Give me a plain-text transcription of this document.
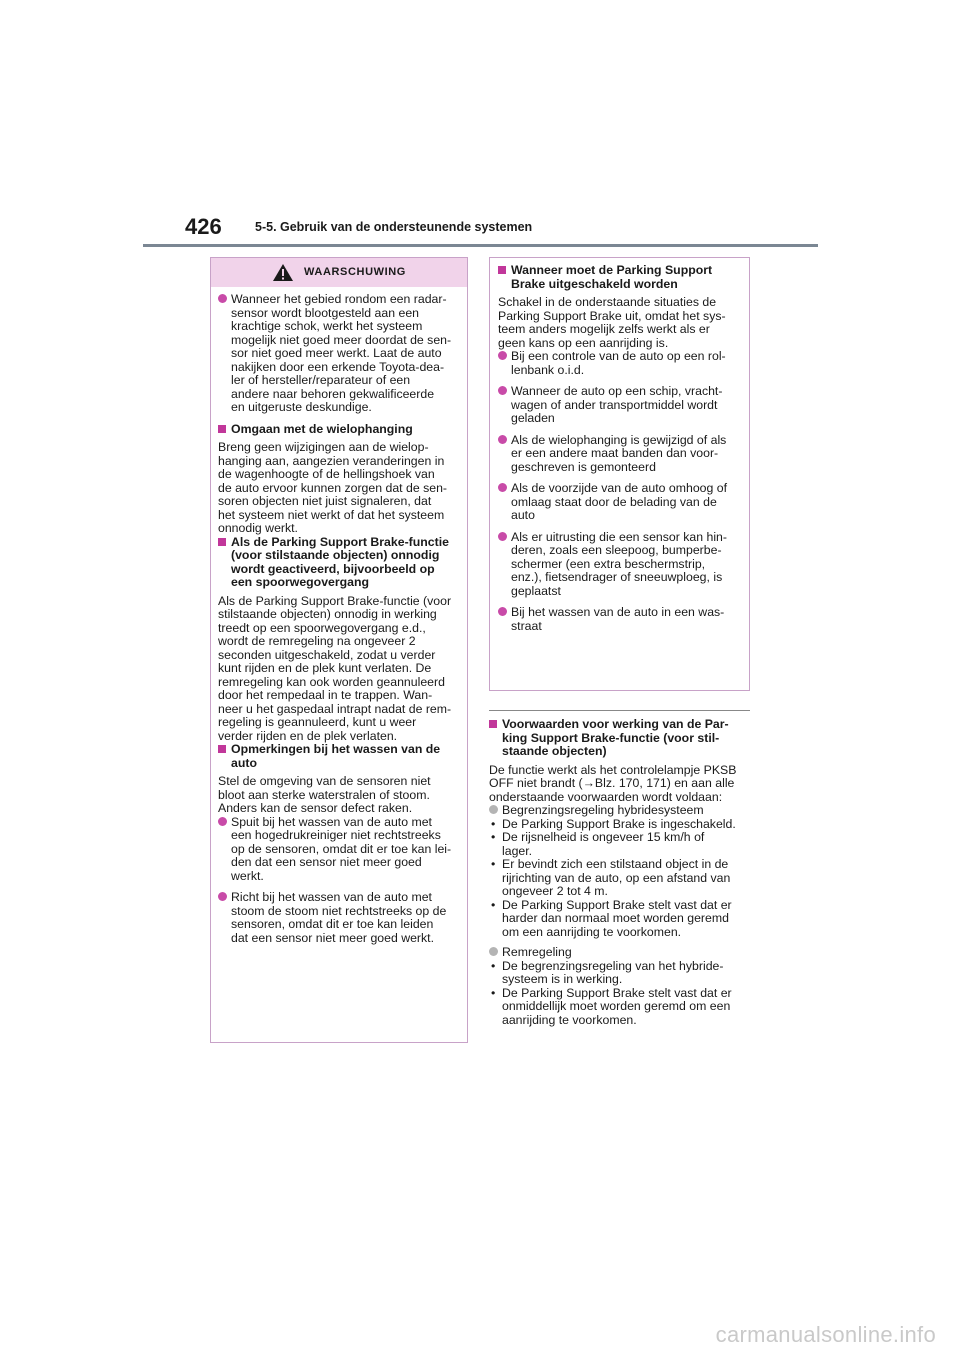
426	5-5. Gebruik van de ondersteunende systemen
WAARSCHUWING

Wanneer het gebied rondom een radar-
sensor wordt blootgesteld aan een
krachtige schok, werkt het systeem
mogelijk niet goed meer doordat de sen-
sor niet goed meer werkt. Laat de auto
nakijken door een erkende Toyota-dea-
ler of hersteller/reparateur of een
andere naar behoren gekwalificeerde
en uitgeruste deskundige.

Omgaan met de wielophanging

Breng geen wijzigingen aan de wielop-
hanging aan, aangezien veranderingen in
de wagenhoogte of de hellingshoek van
de auto ervoor kunnen zorgen dat de sen-
soren objecten niet juist signaleren, dat
het systeem niet werkt of dat het systeem
onnodig werkt.

Als de Parking Support Brake-functie
(voor stilstaande objecten) onnodig
wordt geactiveerd, bijvoorbeeld op
een spoorwegovergang

Als de Parking Support Brake-functie (voor
stilstaande objecten) onnodig in werking
treedt op een spoorwegovergang e.d.,
wordt de remregeling na ongeveer 2
seconden uitgeschakeld, zodat u verder
kunt rijden en de plek kunt verlaten. De
remregeling kan ook worden geannuleerd
door het rempedaal in te trappen. Wan-
neer u het gaspedaal intrapt nadat de rem-
regeling is geannuleerd, kunt u weer
verder rijden en de plek verlaten.

Opmerkingen bij het wassen van de
auto

Stel de omgeving van de sensoren niet
bloot aan sterke waterstralen of stoom.

Anders kan de sensor defect raken.

Spuit bij het wassen van de auto met
een hogedrukreiniger niet rechtstreeks
op de sensoren, omdat dit er toe kan lei-
den dat een sensor niet meer goed
werkt.

Richt bij het wassen van de auto met
stoom de stoom niet rechtstreeks op de
sensoren, omdat dit er toe kan leiden
dat een sensor niet meer goed werkt.

Wanneer moet de Parking Support
Brake uitgeschakeld worden

Schakel in de onderstaande situaties de
Parking Support Brake uit, omdat het sys-
teem anders mogelijk zelfs werkt als er
geen kans op een aanrijding is.

Bij een controle van de auto op een rol-
lenbank o.i.d.

Wanneer de auto op een schip, vracht-
wagen of ander transportmiddel wordt
geladen

Als de wielophanging is gewijzigd of als
er een andere maat banden dan voor-
geschreven is gemonteerd

Als de voorzijde van de auto omhoog of
omlaag staat door de belading van de
auto

Als er uitrusting die een sensor kan hin-
deren, zoals een sleepoog, bumperbe-
schermer (een extra beschermstrip,
enz.), fietsendrager of sneeuwploeg, is
geplaatst

Bij het wassen van de auto in een was-
straat

Voorwaarden voor werking van de Par-
king Support Brake-functie (voor stil-
staande objecten)

De functie werkt als het controlelampje PKSB
OFF niet brandt (→Blz. 170, 171) en aan alle
onderstaande voorwaarden wordt voldaan:

Begrenzingsregeling hybridesysteem

• De Parking Support Brake is ingeschakeld.

• De rijsnelheid is ongeveer 15 km/h of
lager.

• Er bevindt zich een stilstaand object in de
rijrichting van de auto, op een afstand van
ongeveer 2 tot 4 m.

• De Parking Support Brake stelt vast dat er
harder dan normaal moet worden geremd
om een aanrijding te voorkomen.

Remregeling

• De begrenzingsregeling van het hybride-
systeem is in werking.

• De Parking Support Brake stelt vast dat er
onmiddellijk moet worden geremd om een
aanrijding te voorkomen.

carmanualsonline.info
